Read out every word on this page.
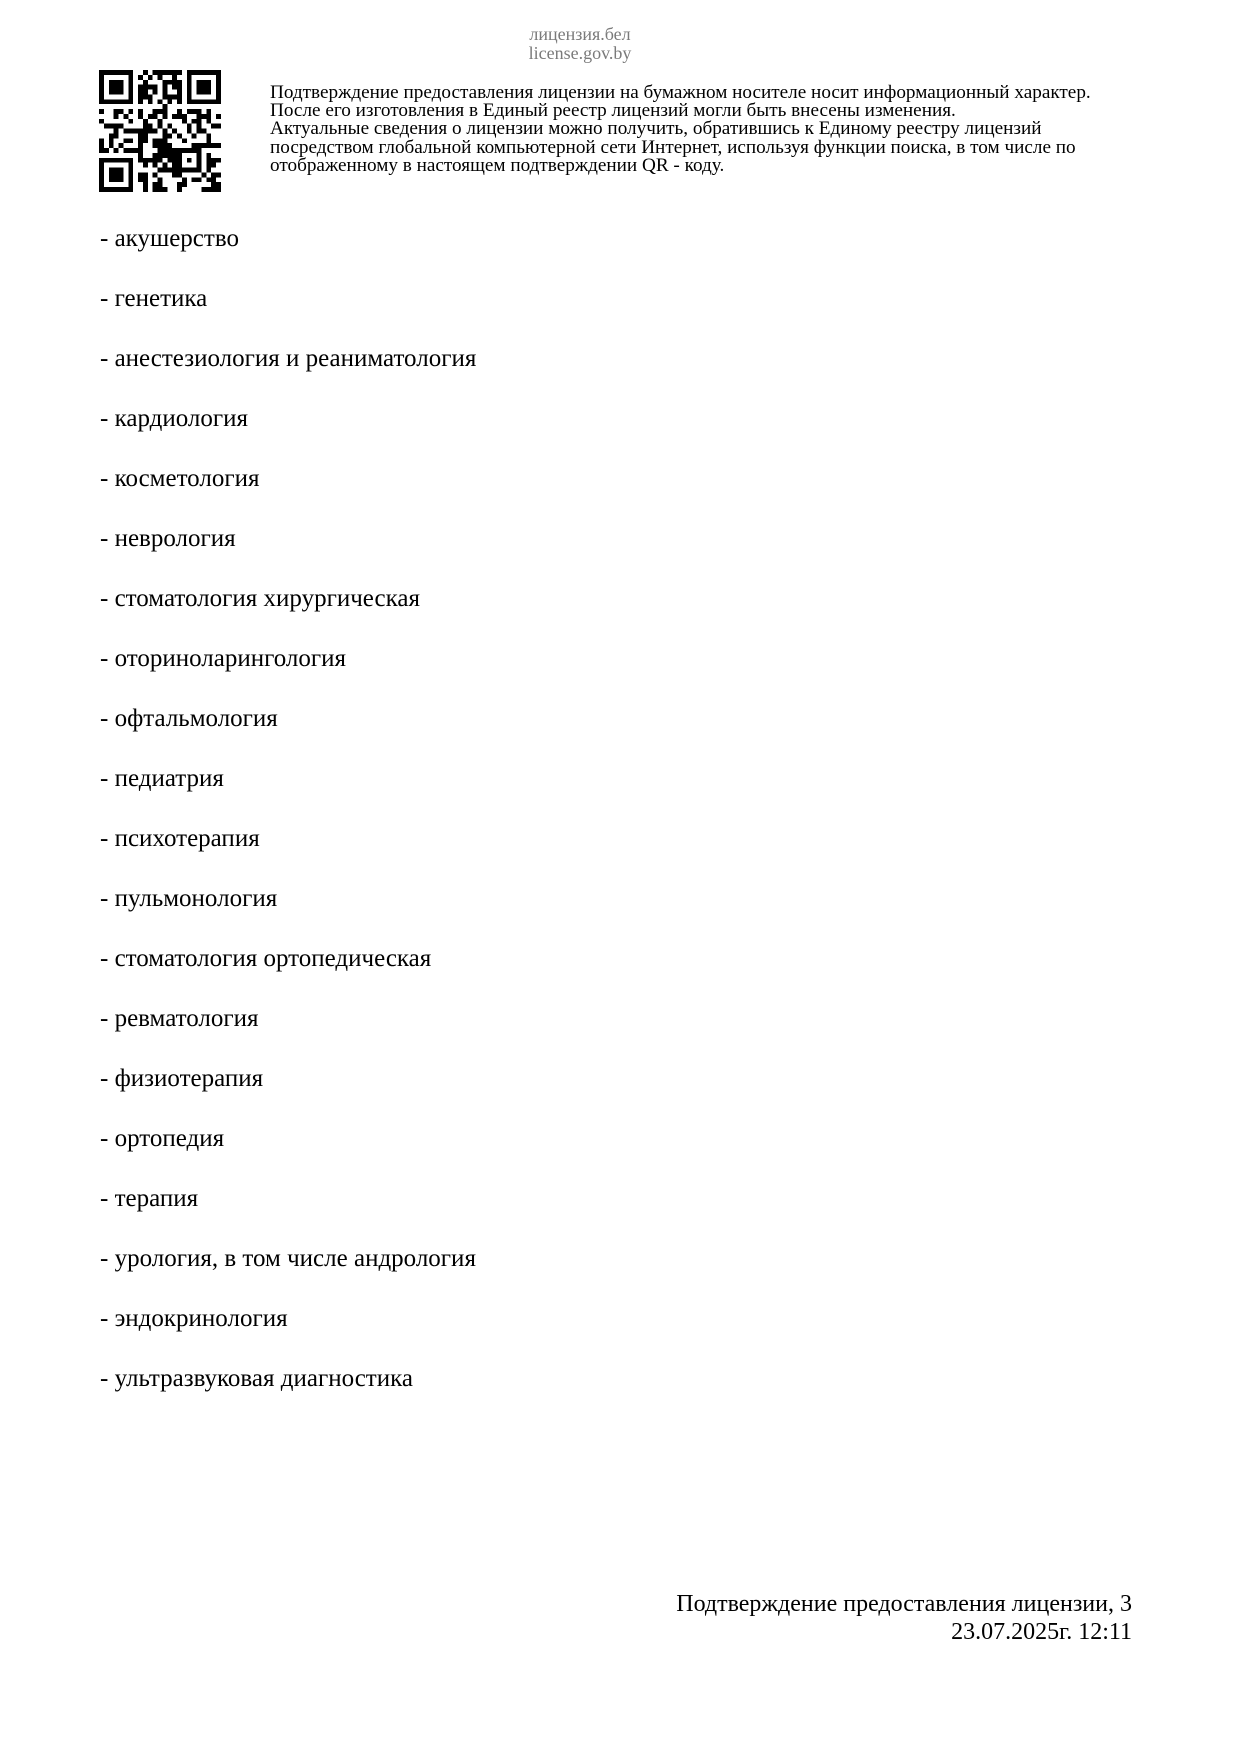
лицензия.бел
license.gov.by
Подтверждение предоставления лицензии на бумажном носителе носит информационный характер.
После его изготовления в Единый реестр лицензий могли быть внесены изменения.
Актуальные сведения о лицензии можно получить, обратившись к Единому реестру лицензий
посредством глобальной компьютерной сети Интернет, используя функции поиска, в том числе по
отображенному в настоящем подтверждении QR - коду.
- акушерство
- генетика
- анестезиология и реаниматология
- кардиология
- косметология
- неврология
- стоматология хирургическая
- оториноларингология
- офтальмология
- педиатрия
- психотерапия
- пульмонология
- стоматология ортопедическая
- ревматология
- физиотерапия
- ортопедия
- терапия
- урология, в том числе андрология
- эндокринология
- ультразвуковая диагностика
Подтверждение предоставления лицензии, 3
23.07.2025г. 12:11
